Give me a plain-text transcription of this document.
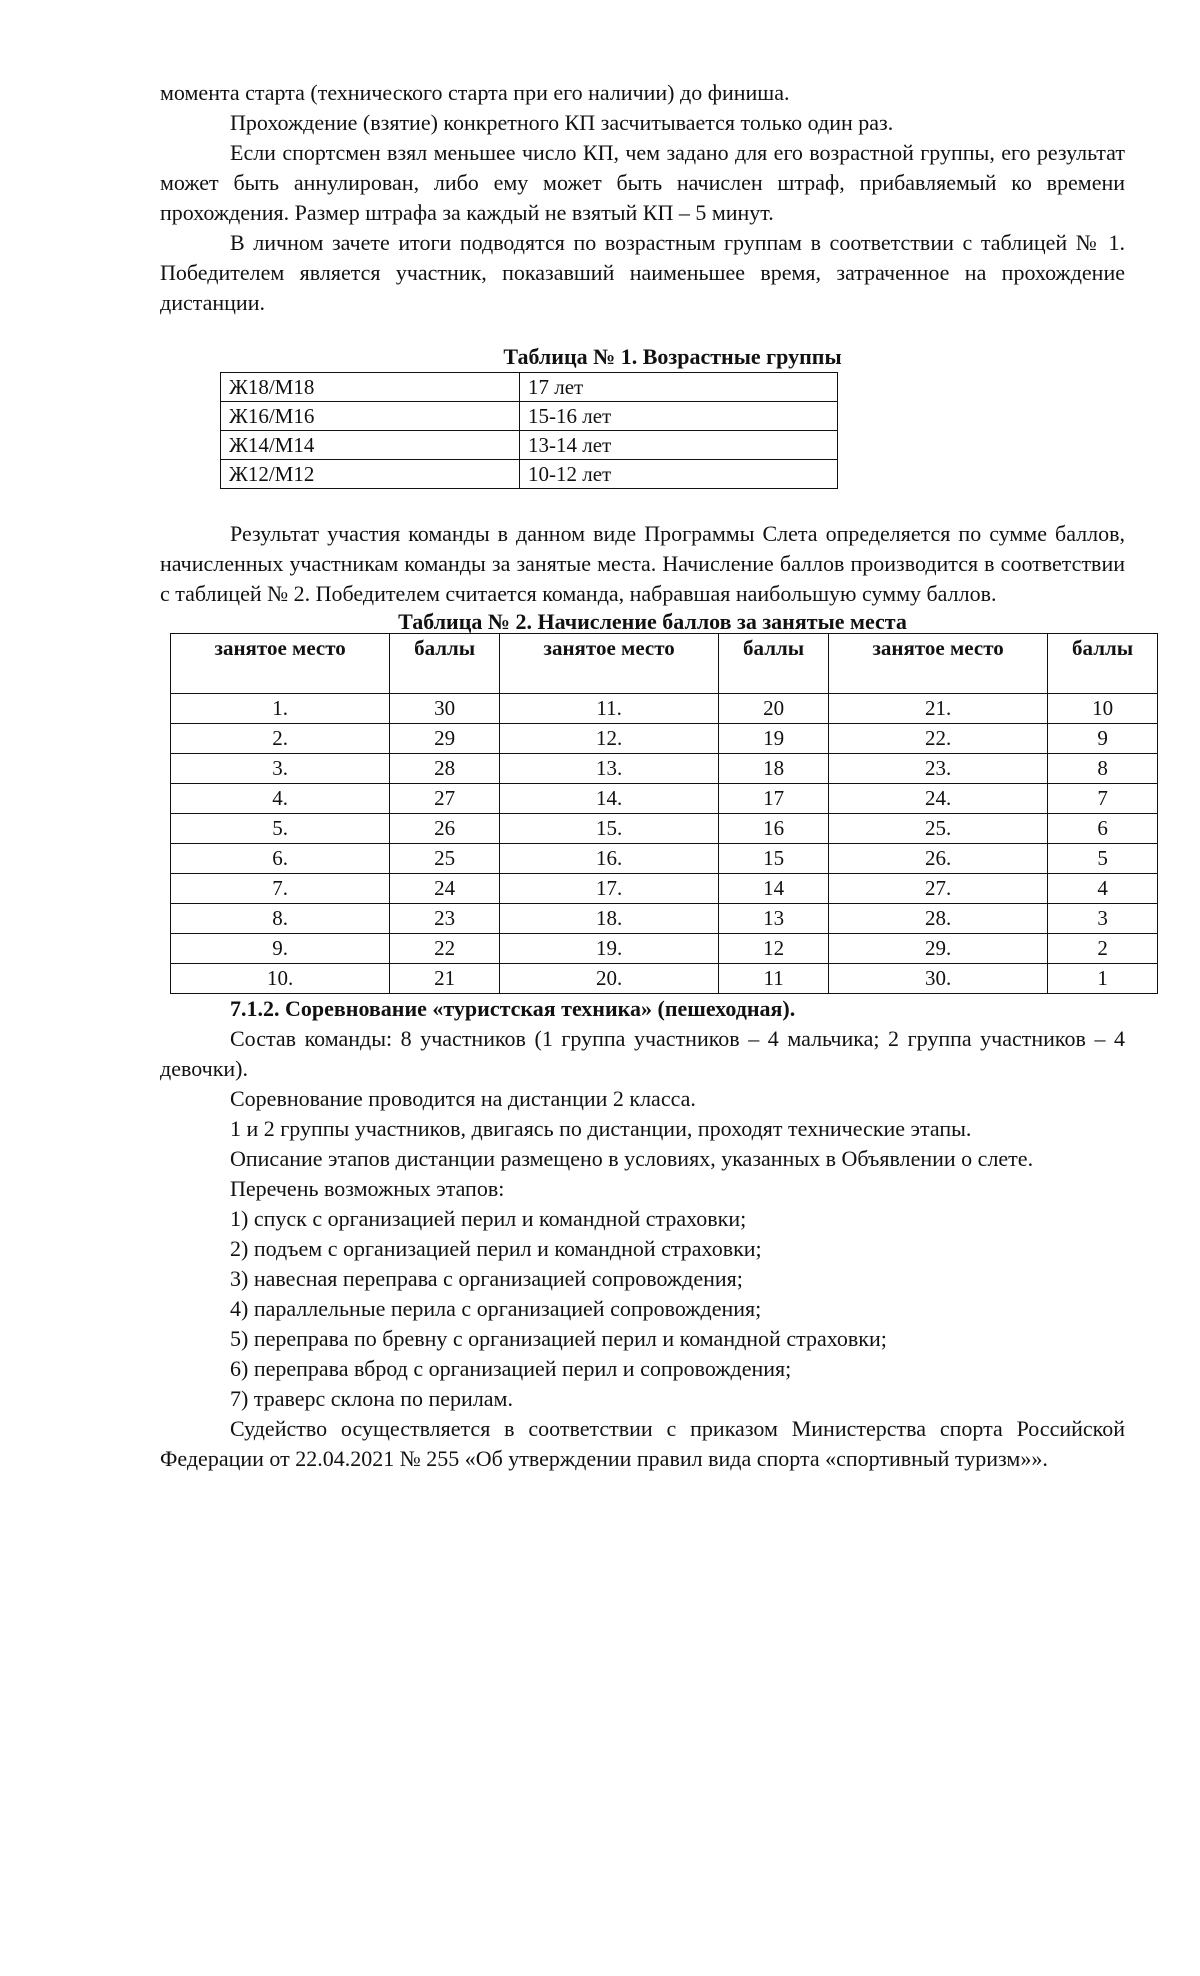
момента старта (технического старта при его наличии) до финиша.

Прохождение (взятие) конкретного КП засчитывается только один раз.

Если спортсмен взял меньшее число КП, чем задано для его возрастной группы, его результат может быть аннулирован, либо ему может быть начислен штраф, прибавляемый ко времени прохождения. Размер штрафа за каждый не взятый КП – 5 минут.

В личном зачете итоги подводятся по возрастным группам в соответствии с таблицей № 1. Победителем является участник, показавший наименьшее время, затраченное на прохождение дистанции.

Таблица № 1. Возрастные группы

Ж18/М18	17 лет
Ж16/М16	15-16 лет
Ж14/М14	13-14 лет
Ж12/М12	10-12 лет

Результат участия команды в данном виде Программы Слета определяется по сумме баллов, начисленных участникам команды за занятые места. Начисление баллов производится в соответствии с таблицей № 2. Победителем считается команда, набравшая наибольшую сумму баллов.

Таблица № 2. Начисление баллов за занятые места

занятое место	баллы	занятое место	баллы	занятое место	баллы
1.	30	11.	20	21.	10
2.	29	12.	19	22.	9
3.	28	13.	18	23.	8
4.	27	14.	17	24.	7
5.	26	15.	16	25.	6
6.	25	16.	15	26.	5
7.	24	17.	14	27.	4
8.	23	18.	13	28.	3
9.	22	19.	12	29.	2
10.	21	20.	11	30.	1

7.1.2. Соревнование «туристская техника» (пешеходная).

Состав команды: 8 участников (1 группа участников – 4 мальчика; 2 группа участников – 4 девочки).

Соревнование проводится на дистанции 2 класса.

1 и 2 группы участников, двигаясь по дистанции, проходят технические этапы.

Описание этапов дистанции размещено в условиях, указанных в Объявлении о слете.

Перечень возможных этапов:

1) спуск с организацией перил и командной страховки;

2) подъем с организацией перил и командной страховки;

3) навесная переправа с организацией сопровождения;

4) параллельные перила с организацией сопровождения;

5) переправа по бревну с организацией перил и командной страховки;

6) переправа вброд с организацией перил и сопровождения;

7) траверс склона по перилам.

Судейство осуществляется в соответствии с приказом Министерства спорта Российской Федерации от 22.04.2021 № 255 «Об утверждении правил вида спорта «спортивный туризм»».
